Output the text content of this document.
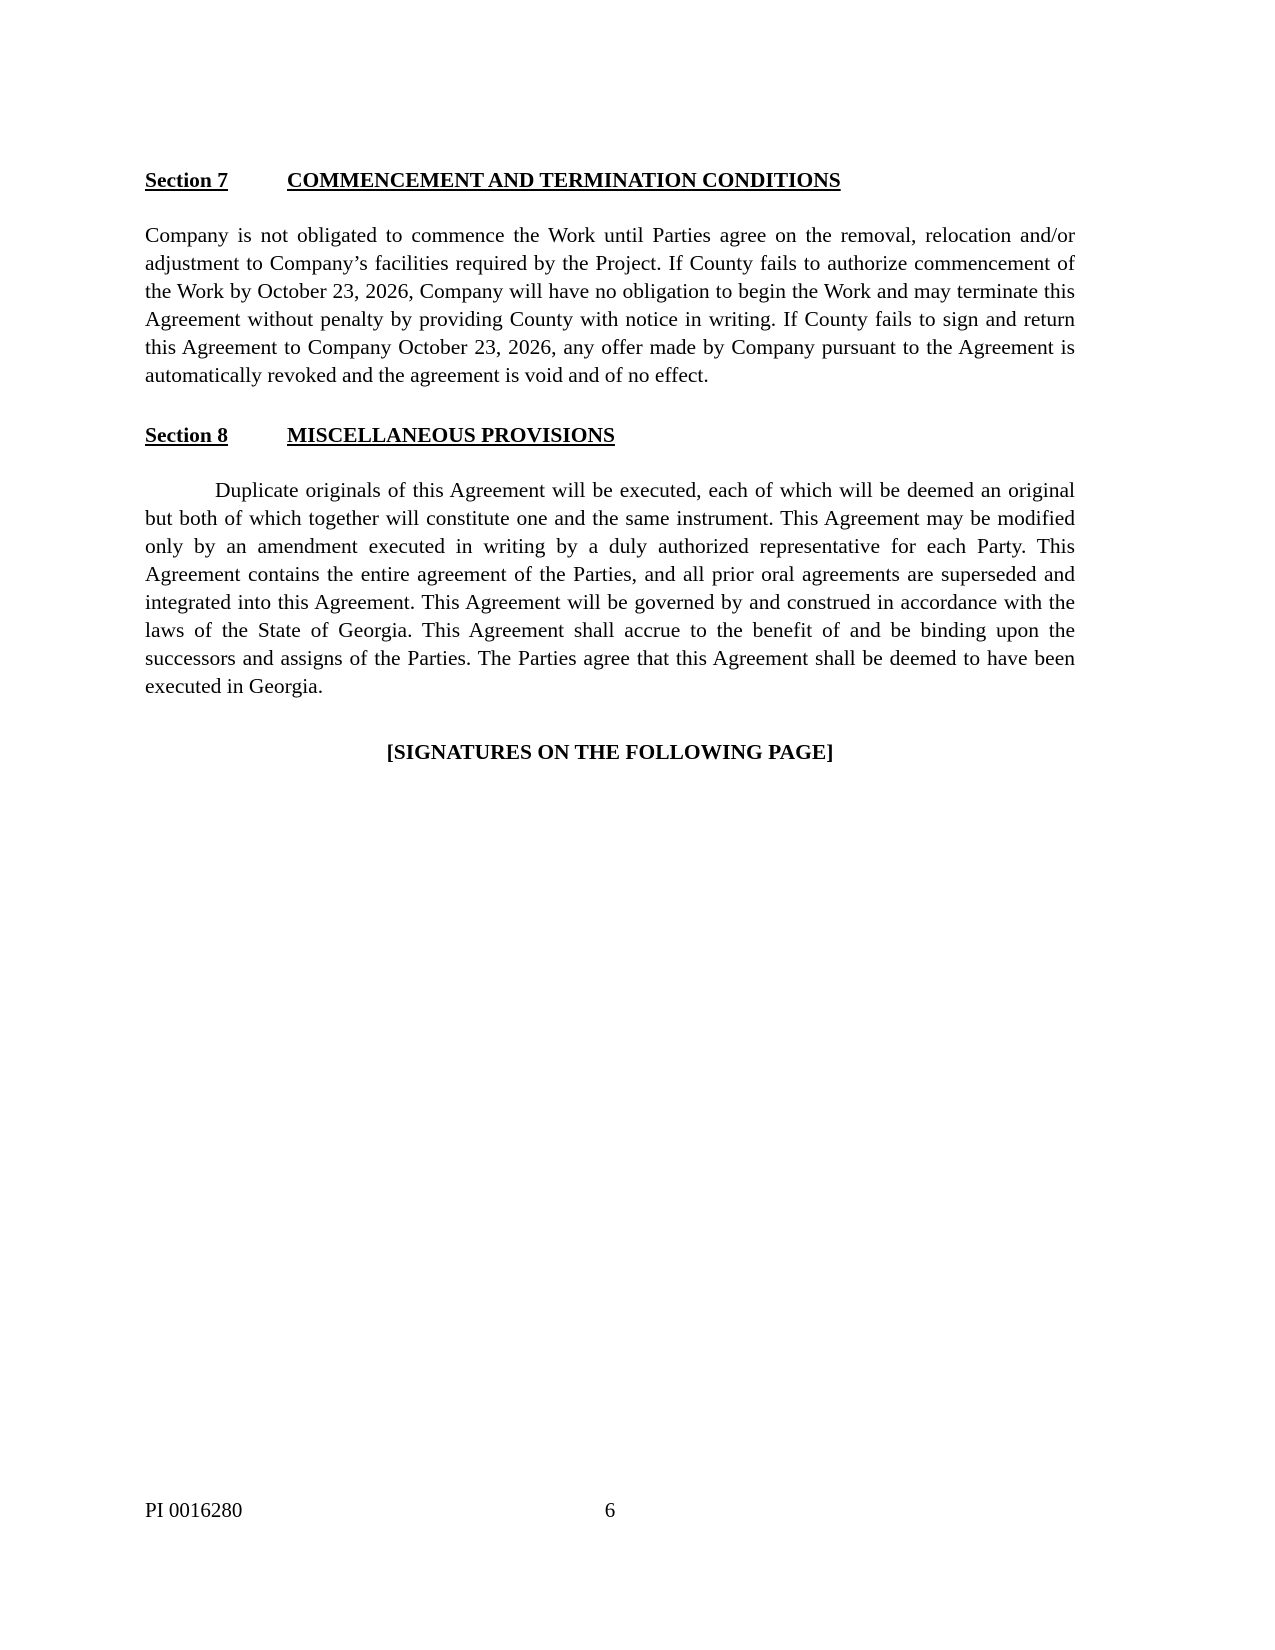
Section 7	COMMENCEMENT AND TERMINATION CONDITIONS

Company is not obligated to commence the Work until Parties agree on the removal, relocation and/or adjustment to Company’s facilities required by the Project. If County fails to authorize commencement of the Work by October 23, 2026, Company will have no obligation to begin the Work and may terminate this Agreement without penalty by providing County with notice in writing. If County fails to sign and return this Agreement to Company October 23, 2026, any offer made by Company pursuant to the Agreement is automatically revoked and the agreement is void and of no effect.

Section 8	MISCELLANEOUS PROVISIONS

Duplicate originals of this Agreement will be executed, each of which will be deemed an original but both of which together will constitute one and the same instrument. This Agreement may be modified only by an amendment executed in writing by a duly authorized representative for each Party. This Agreement contains the entire agreement of the Parties, and all prior oral agreements are superseded and integrated into this Agreement. This Agreement will be governed by and construed in accordance with the laws of the State of Georgia. This Agreement shall accrue to the benefit of and be binding upon the successors and assigns of the Parties. The Parties agree that this Agreement shall be deemed to have been executed in Georgia.

[SIGNATURES ON THE FOLLOWING PAGE]
PI 0016280	6
